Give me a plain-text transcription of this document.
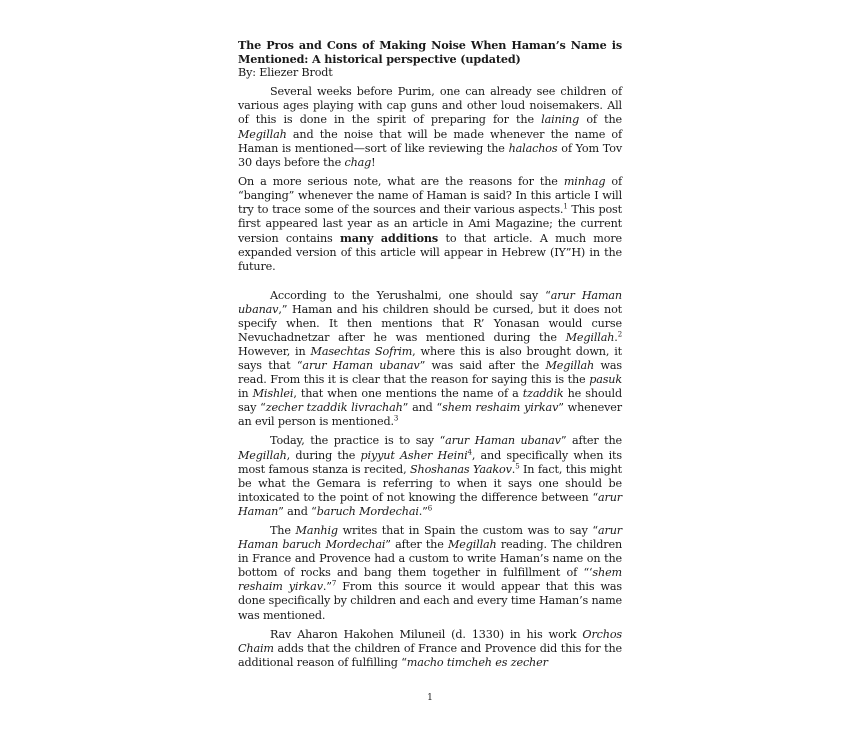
The Pros and Cons of Making Noise When Haman’s Name is Mentioned: A historical perspective (updated)

By: Eliezer Brodt

Several weeks before Purim, one can already see children of various ages playing with cap guns and other loud noisemakers. All of this is done in the spirit of preparing for the laining of the Megillah and the noise that will be made whenever the name of Haman is mentioned—sort of like reviewing the halachos of Yom Tov 30 days before the chag!

On a more serious note, what are the reasons for the minhag of “banging” whenever the name of Haman is said? In this article I will try to trace some of the sources and their various aspects.$^1$ This post first appeared last year as an article in Ami Magazine; the current version contains many additions to that article. A much more expanded version of this article will appear in Hebrew (IY”H) in the future.

According to the Yerushalmi, one should say “arur Haman ubanav,” Haman and his children should be cursed, but it does not specify when. It then mentions that R’ Yonasan would curse Nevuchadnetzar after he was mentioned during the Megillah.$^2$ However, in Masechtas Sofrim, where this is also brought down, it says that “arur Haman ubanav” was said after the Megillah was read. From this it is clear that the reason for saying this is the pasuk in Mishlei, that when one mentions the name of a tzaddik he should say “zecher tzaddik livrachah” and “shem reshaim yirkav” whenever an evil person is mentioned.$^3$

Today, the practice is to say “arur Haman ubanav” after the Megillah, during the piyyut Asher Heini$^4$, and specifically when its most famous stanza is recited, Shoshanas Yaakov.$^5$ In fact, this might be what the Gemara is referring to when it says one should be intoxicated to the point of not knowing the difference between “arur Haman” and “baruch Mordechai.”$^6$

The Manhig writes that in Spain the custom was to say “arur Haman baruch Mordechai” after the Megillah reading. The children in France and Provence had a custom to write Haman’s name on the bottom of rocks and bang them together in fulfillment of “‘shem reshaim yirkav.”$^7$ From this source it would appear that this was done specifically by children and each and every time Haman’s name was mentioned.

Rav Aharon Hakohen Miluneil (d. 1330) in his work Orchos Chaim adds that the children of France and Provence did this for the additional reason of fulfilling “macho timcheh es zecher

1
